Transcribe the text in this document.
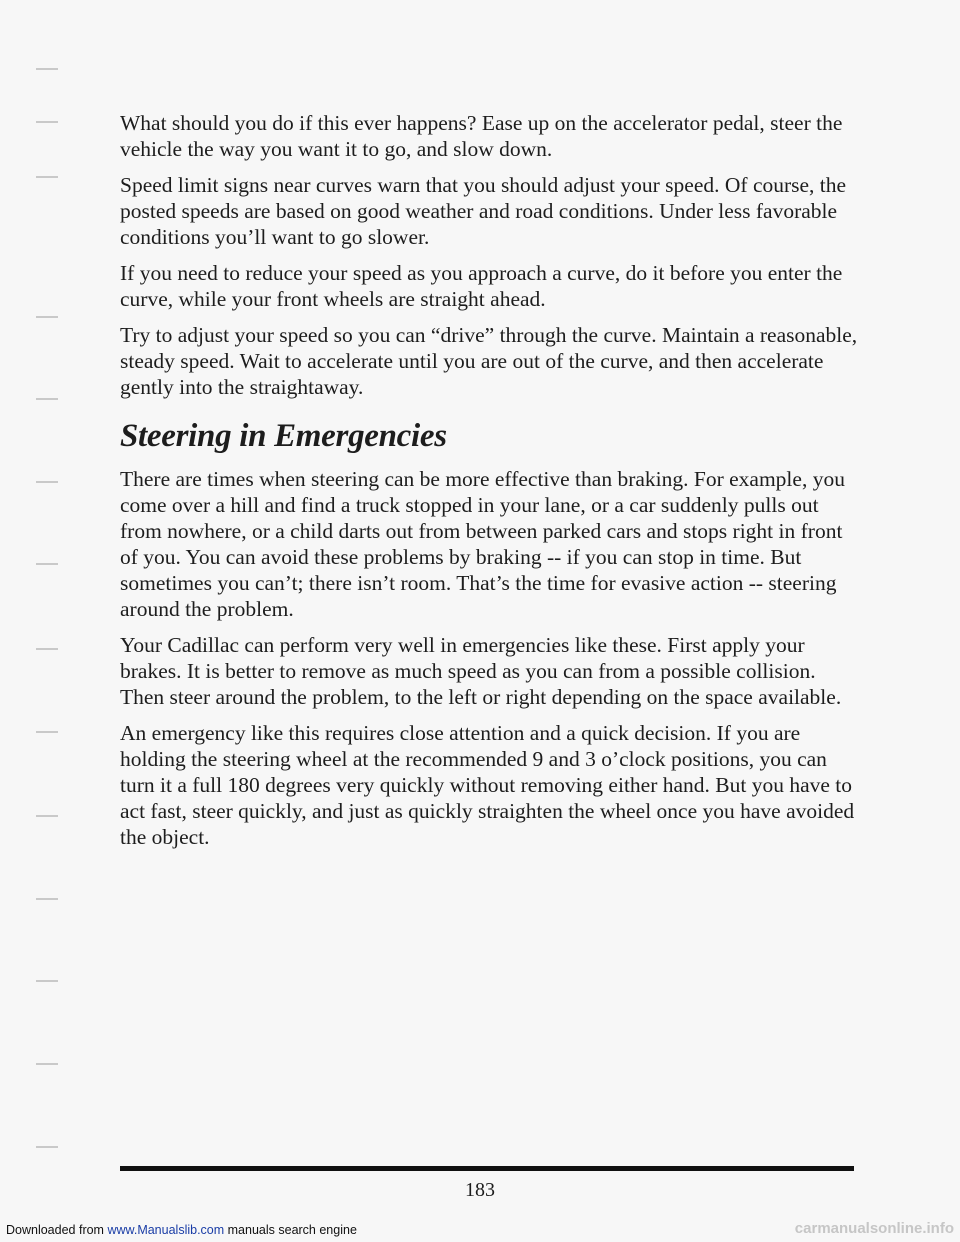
What should you do if this ever happens? Ease up on the accelerator pedal, steer the vehicle the way you want it to go, and slow down.

Speed limit signs near curves warn that you should adjust your speed. Of course, the posted speeds are based on good weather and road conditions. Under less favorable conditions you’ll want to go slower.

If you need to reduce your speed as you approach a curve, do it before you enter the curve, while your front wheels are straight ahead.

Try to adjust your speed so you can “drive” through the curve. Maintain a reasonable, steady speed. Wait to accelerate until you are out of the curve, and then accelerate gently into the straightaway.

Steering in Emergencies

There are times when steering can be more effective than braking. For example, you come over a hill and find a truck stopped in your lane, or a car suddenly pulls out from nowhere, or a child darts out from between parked cars and stops right in front of you. You can avoid these problems by braking -- if you can stop in time. But sometimes you can’t; there isn’t room. That’s the time for evasive action -- steering around the problem.

Your Cadillac can perform very well in emergencies like these. First apply your brakes. It is better to remove as much speed as you can from a possible collision. Then steer around the problem, to the left or right depending on the space available.

An emergency like this requires close attention and a quick decision. If you are holding the steering wheel at the recommended 9 and 3 o’clock positions, you can turn it a full 180 degrees very quickly without removing either hand. But you have to act fast, steer quickly, and just as quickly straighten the wheel once you have avoided the object.

183
Downloaded from www.Manualslib.com manuals search engine	carmanualsonline.info
